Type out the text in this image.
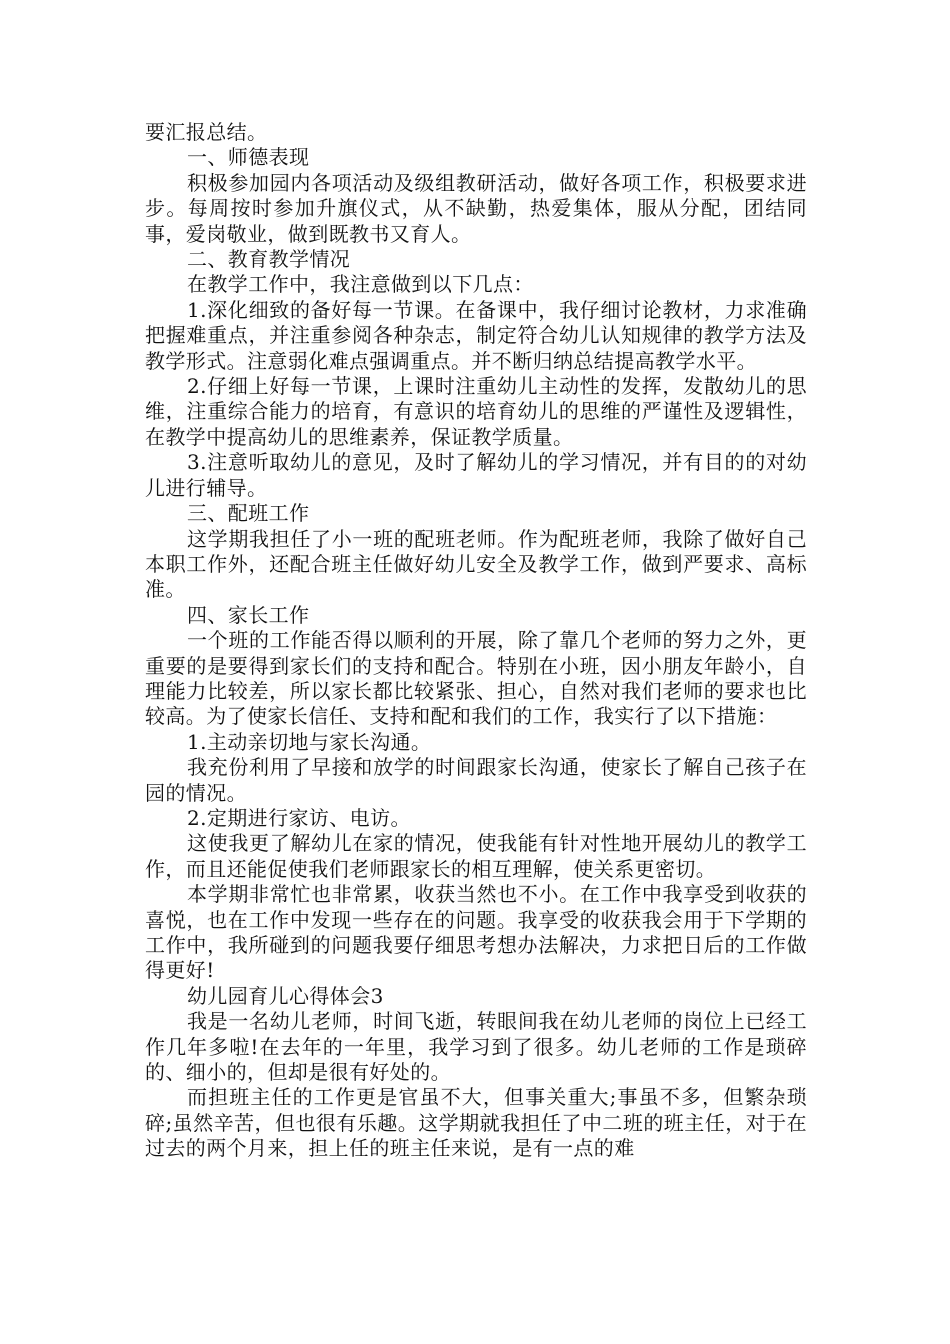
要汇报总结。

一、师德表现

积极参加园内各项活动及级组教研活动，做好各项工作，积极要求进步。每周按时参加升旗仪式，从不缺勤，热爱集体，服从分配，团结同事，爱岗敬业，做到既教书又育人。

二、教育教学情况

在教学工作中，我注意做到以下几点：

1.深化细致的备好每一节课。在备课中，我仔细讨论教材，力求准确把握难重点，并注重参阅各种杂志，制定符合幼儿认知规律的教学方法及教学形式。注意弱化难点强调重点。并不断归纳总结提高教学水平。

2.仔细上好每一节课，上课时注重幼儿主动性的发挥，发散幼儿的思维，注重综合能力的培育，有意识的培育幼儿的思维的严谨性及逻辑性，在教学中提高幼儿的思维素养，保证教学质量。

3.注意听取幼儿的意见，及时了解幼儿的学习情况，并有目的的对幼儿进行辅导。

三、配班工作

这学期我担任了小一班的配班老师。作为配班老师，我除了做好自己本职工作外，还配合班主任做好幼儿安全及教学工作，做到严要求、高标准。

四、家长工作

一个班的工作能否得以顺利的开展，除了靠几个老师的努力之外，更重要的是要得到家长们的支持和配合。特别在小班，因小朋友年龄小，自理能力比较差，所以家长都比较紧张、担心，自然对我们老师的要求也比较高。为了使家长信任、支持和配和我们的工作，我实行了以下措施：

1.主动亲切地与家长沟通。

我充份利用了早接和放学的时间跟家长沟通，使家长了解自己孩子在园的情况。

2.定期进行家访、电访。

这使我更了解幼儿在家的情况，使我能有针对性地开展幼儿的教学工作，而且还能促使我们老师跟家长的相互理解，使关系更密切。

本学期非常忙也非常累，收获当然也不小。在工作中我享受到收获的喜悦，也在工作中发现一些存在的问题。我享受的收获我会用于下学期的工作中，我所碰到的问题我要仔细思考想办法解决，力求把日后的工作做得更好!

幼儿园育儿心得体会3

我是一名幼儿老师，时间飞逝，转眼间我在幼儿老师的岗位上已经工作几年多啦!在去年的一年里，我学习到了很多。幼儿老师的工作是琐碎的、细小的，但却是很有好处的。

而担班主任的工作更是官虽不大，但事关重大;事虽不多，但繁杂琐碎;虽然辛苦，但也很有乐趣。这学期就我担任了中二班的班主任，对于在过去的两个月来，担上任的班主任来说，是有一点的难
